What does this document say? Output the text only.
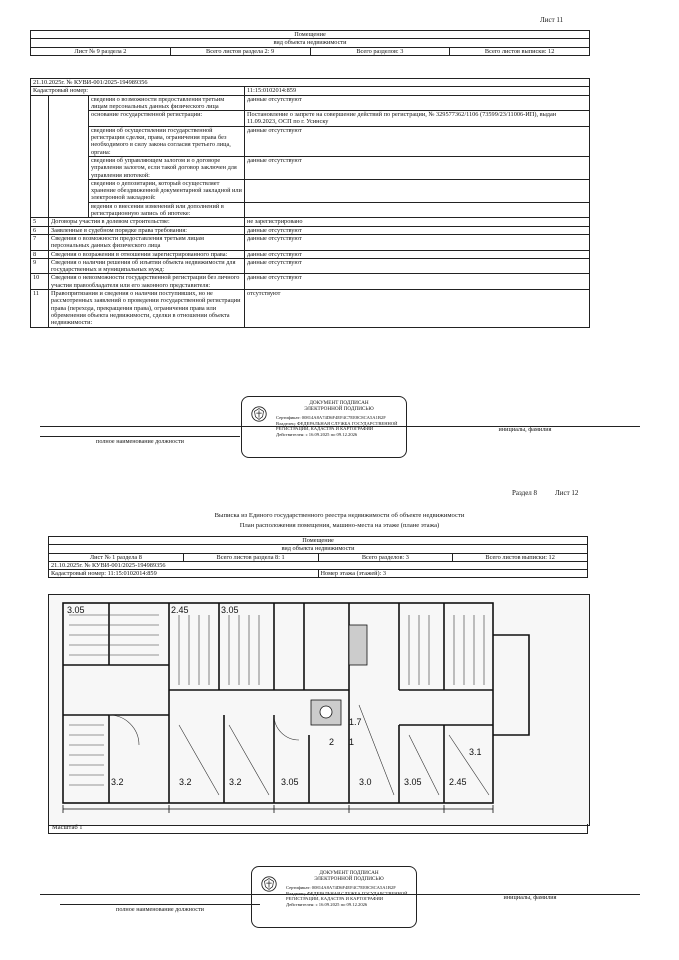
Лист 11
Помещение
вид объекта недвижимости
Лист № 9 раздела 2	Всего листов раздела 2: 9	Всего разделов: 3	Всего листов выписки: 12
21.10.2025г. № КУВИ-001/2025-194989356			
Кадастровый номер:			11:15:0102014:859
		сведения о возможности предоставления третьим лицам персональных данных физического лица	данные отсутствуют
		основание государственной регистрации:	Постановление о запрете на совершение действий по регистрации, № 329577362/1106 (73599/23/11006-ИП), выдан 11.09.2023, ОСП по г. Усинску
		сведения об осуществлении государственной регистрации сделки, права, ограничения права без необходимого в силу закона согласия третьего лица, органа:	данные отсутствуют
		сведения об управляющем залогом и о договоре управления залогом, если такой договор заключен для управления ипотекой:	данные отсутствуют
		сведения о депозитарии, который осуществляет хранение обездвиженной документарной закладной или электронной закладной:	
		ведения о внесении изменений или дополнений в регистрационную запись об ипотеке:	
5	Договоры участия в долевом строительстве:		не зарегистрировано
6	Заявленные в судебном порядке права требования:		данные отсутствуют
7	Сведения о возможности предоставления третьим лицам персональных данных физического лица		данные отсутствуют
8	Сведения о возражении в отношении зарегистрированного права:		данные отсутствуют
9	Сведения о наличии решения об изъятии объекта недвижимости для государственных и муниципальных нужд:		данные отсутствуют
10	Сведения о невозможности государственной регистрации без личного участия правообладателя или его законного представителя:		данные отсутствуют
11	Правопритязания и сведения о наличии поступивших, но не рассмотренных заявлений о проведении государственной регистрации права (перехода, прекращения права), ограничения права или обременения объекта недвижимости, сделки в отношении объекта недвижимости:		отсутствуют
ДОКУМЕНТ ПОДПИСАН
ЭЛЕКТРОННОЙ ПОДПИСЬЮ
Сертификат: 00814A8A74D6F4EF4C7EE8C8CA5A1B2F
Владелец: ФЕДЕРАЛЬНАЯ СЛУЖБА ГОСУДАРСТВЕННОЙ
РЕГИСТРАЦИИ, КАДАСТРА И КАРТОГРАФИИ
Действителен: с 16.09.2025 по 09.12.2026
полное наименование должности
инициалы, фамилия
Раздел 8	Лист 12
Выписка из Единого государственного реестра недвижимости об объекте недвижимости
План расположения помещения, машино-места на этаже (плане этажа)
Помещение			
вид объекта недвижимости			
Лист № 1 раздела 8	Всего листов раздела 8: 1	Всего разделов: 3	Всего листов выписки: 12
21.10.2025г. № КУВИ-001/2025-194989356			
Кадастровый номер: 11:15:0102014:859		Номер этажа (этажей): 3	
3.05	2.45	3.05
3.2	3.05	3.0	3.05	2.45
3.1
1.7
3.2
2 1
3.2
Масштаб 1
ДОКУМЕНТ ПОДПИСАН
ЭЛЕКТРОННОЙ ПОДПИСЬЮ
Сертификат: 00814A8A74D6F4EF4C7EE8C8CA5A1B2F
Владелец: ФЕДЕРАЛЬНАЯ СЛУЖБА ГОСУДАРСТВЕННОЙ
РЕГИСТРАЦИИ, КАДАСТРА И КАРТОГРАФИИ
Действителен: с 16.09.2025 по 09.12.2026
полное наименование должности
инициалы, фамилия
